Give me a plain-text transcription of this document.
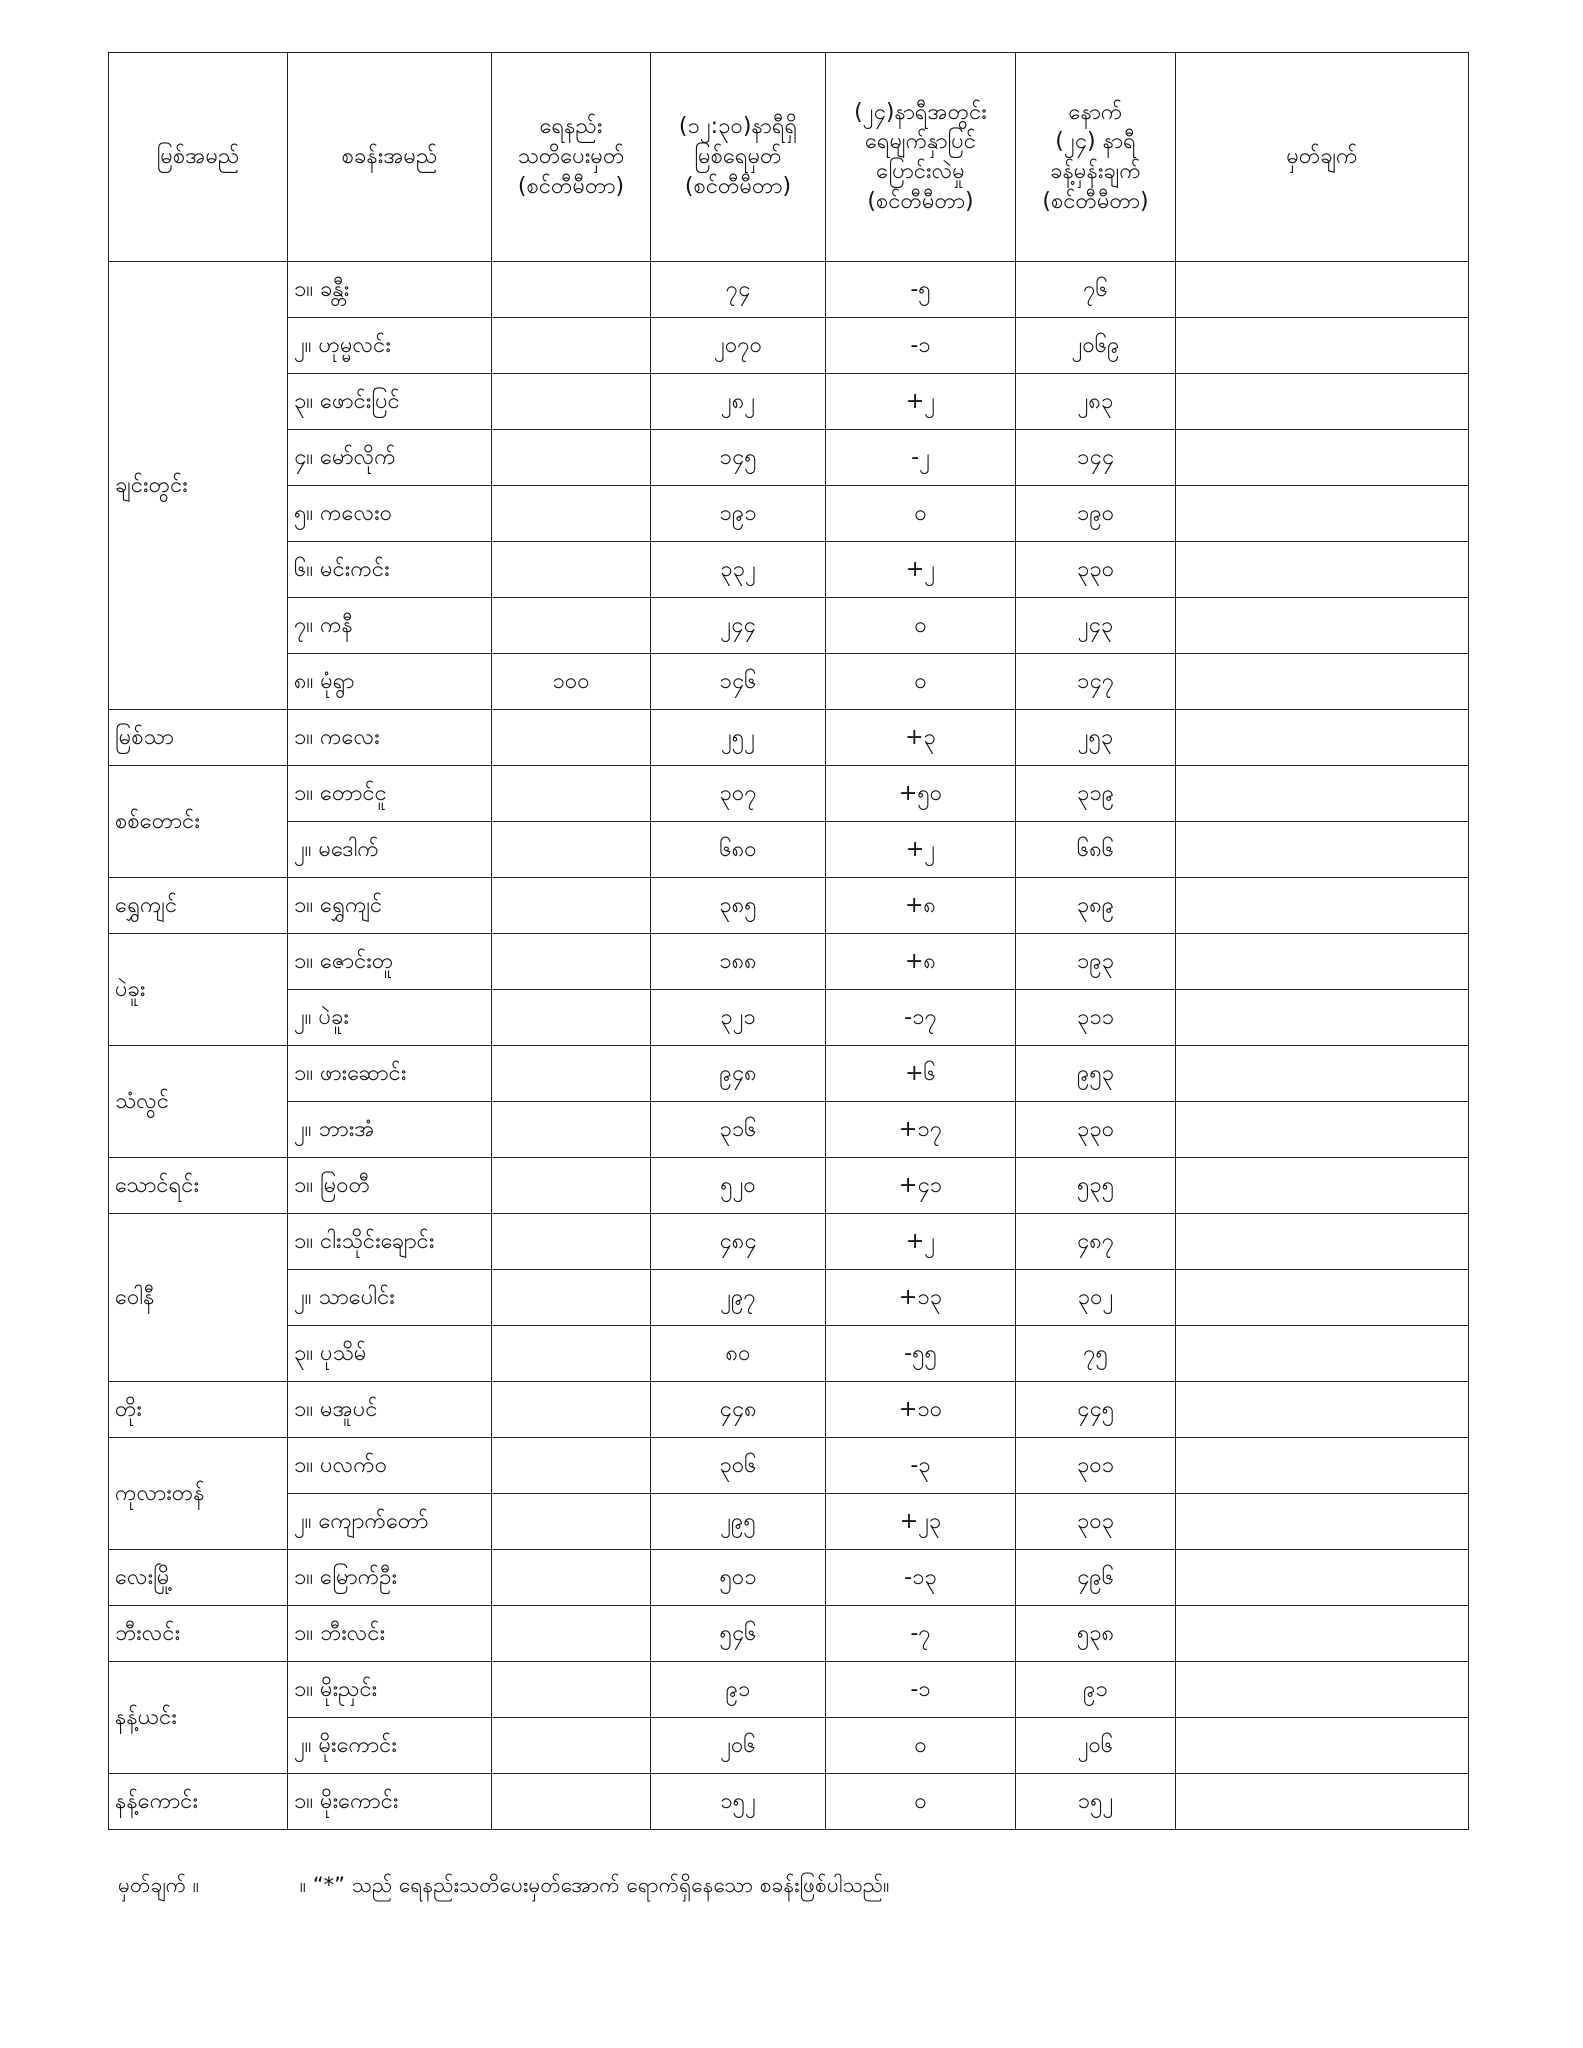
မြစ်အမည်	စခန်းအမည်	ရေနည်း
သတိပေးမှတ်
(စင်တီမီတာ)	(၁၂:၃၀)နာရီရှိ
မြစ်ရေမှတ်
(စင်တီမီတာ)	(၂၄)နာရီအတွင်း
ရေမျက်နှာပြင်
ပြောင်းလဲမှု
(စင်တီမီတာ)	နောက်
(၂၄) နာရီ
ခန့်မှန်းချက်
(စင်တီမီတာ)	မှတ်ချက်

ချင်းတွင်း	၁။ ခန္တီး		၇၄	-၅	၇၆	
	၂။ ဟုမ္မလင်း		၂၀၇၀	-၁	၂၀၆၉	
	၃။ ဖောင်းပြင်		၂၈၂	+၂	၂၈၃	
	၄။ မော်လိုက်		၁၄၅	-၂	၁၄၄	
	၅။ ကလေးဝ		၁၉၁	၀	၁၉၀	
	၆။ မင်းကင်း		၃၃၂	+၂	၃၃၀	
	၇။ ကနီ		၂၄၄	၀	၂၄၃	
	၈။ မုံရွာ	၁၀၀	၁၄၆	၀	၁၄၇	
မြစ်သာ	၁။ ကလေး		၂၅၂	+၃	၂၅၃	
စစ်တောင်း	၁။ တောင်ငူ		၃၀၇	+၅၀	၃၁၉	
	၂။ မဒေါက်		၆၈၀	+၂	၆၈၆	
ရွှေကျင်	၁။ ရွှေကျင်		၃၈၅	+၈	၃၈၉	
ပဲခူး	၁။ ဇောင်းတူ		၁၈၈	+၈	၁၉၃	
	၂။ ပဲခူး		၃၂၁	-၁၇	၃၁၁	
သံလွင်	၁။ ဖားဆောင်း		၉၄၈	+၆	၉၅၃	
	၂။ ဘားအံ		၃၁၆	+၁၇	၃၃၀	
သောင်ရင်း	၁။ မြဝတီ		၅၂၀	+၄၁	၅၃၅	
ဝေါနီ	၁။ ငါးသိုင်းချောင်း		၄၈၄	+၂	၄၈၇	
	၂။ သာပေါင်း		၂၉၇	+၁၃	၃၀၂	
	၃။ ပုသိမ်		၈၀	-၅၅	၇၅	
တိုး	၁။ မအူပင်		၄၄၈	+၁၀	၄၄၅	
ကုလားတန်	၁။ ပလက်ဝ		၃၀၆	-၃	၃၀၁	
	၂။ ကျောက်တော်		၂၉၅	+၂၃	၃၀၃	
လေးမြို့	၁။ မြောက်ဦး		၅၀၁	-၁၃	၄၉၆	
ဘီးလင်း	၁။ ဘီးလင်း		၅၄၆	-၇	၅၃၈	
နန့်ယင်း	၁။ မိုးညှင်း		၉၁	-၁	၉၁	
	၂။ မိုးကောင်း		၂၀၆	၀	၂၀၆	
နန့်ကောင်း	၁။ မိုးကောင်း		၁၅၂	၀	၁၅၂	
မှတ်ချက် ။	။ “*” သည် ရေနည်းသတိပေးမှတ်အောက် ရောက်ရှိနေသော စခန်းဖြစ်ပါသည်။
